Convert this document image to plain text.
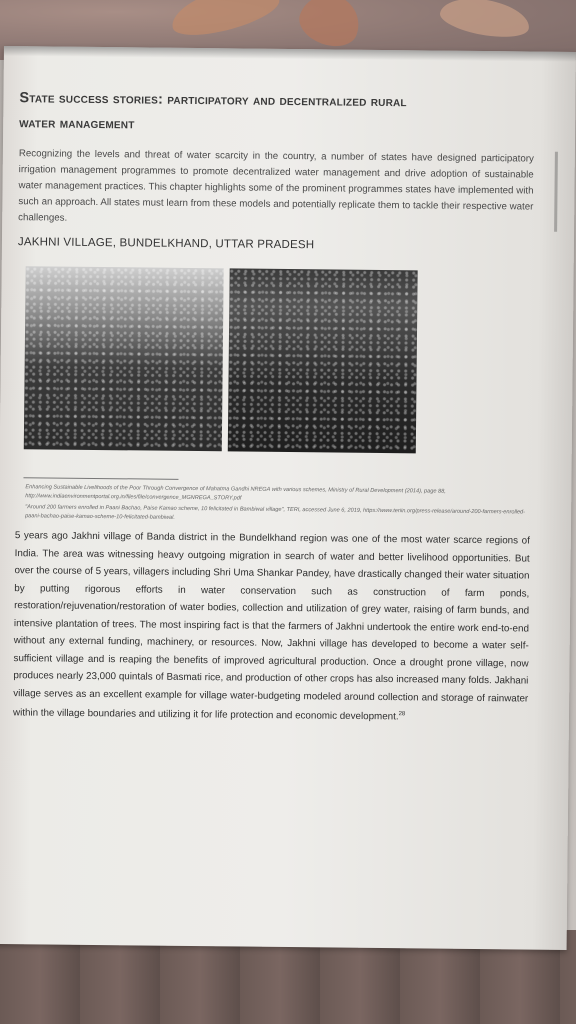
State success stories: participatory and decentralized rural
water management

Recognizing the levels and threat of water scarcity in the country, a number of states have designed participatory irrigation management programmes to promote decentralized water management and drive adoption of sustainable water management practices. This chapter highlights some of the prominent programmes states have implemented with such an approach. All states must learn from these models and potentially replicate them to tackle their respective water challenges.

JAKHNI VILLAGE, BUNDELKHAND, UTTAR PRADESH
Enhancing Sustainable Livelihoods of the Poor Through Convergence of Mahatma Gandhi NREGA with various schemes, Ministry of Rural Development (2014), page 88, http://www.indiaenvironmentportal.org.in/files/file/convergence_MGNREGA_STORY.pdf
"Around 200 farmers enrolled in Paani Bachao, Paise Kamao scheme, 10 felicitated in Bambiwal village", TERI, accessed June 6, 2019, https://www.teriin.org/press-release/around-200-farmers-enrolled-paani-bachao-paise-kamao-scheme-10-felicitated-bambiwal.

5 years ago Jakhni village of Banda district in the Bundelkhand region was one of the most water scarce regions of India. The area was witnessing heavy outgoing migration in search of water and better livelihood opportunities. But over the course of 5 years, villagers including Shri Uma Shankar Pandey, have drastically changed their water situation by putting rigorous efforts in water conservation such as construction of farm ponds, restoration/rejuvenation/restoration of water bodies, collection and utilization of grey water, raising of farm bunds, and intensive plantation of trees. The most inspiring fact is that the farmers of Jakhni undertook the entire work end-to-end without any external funding, machinery, or resources. Now, Jakhni village has developed to become a water self-sufficient village and is reaping the benefits of improved agricultural production. Once a drought prone village, now produces nearly 23,000 quintals of Basmati rice, and production of other crops has also increased many folds. Jakhani village serves as an excellent example for village water-budgeting modeled around collection and storage of rainwater within the village boundaries and utilizing it for life protection and economic development.$^{28}$
